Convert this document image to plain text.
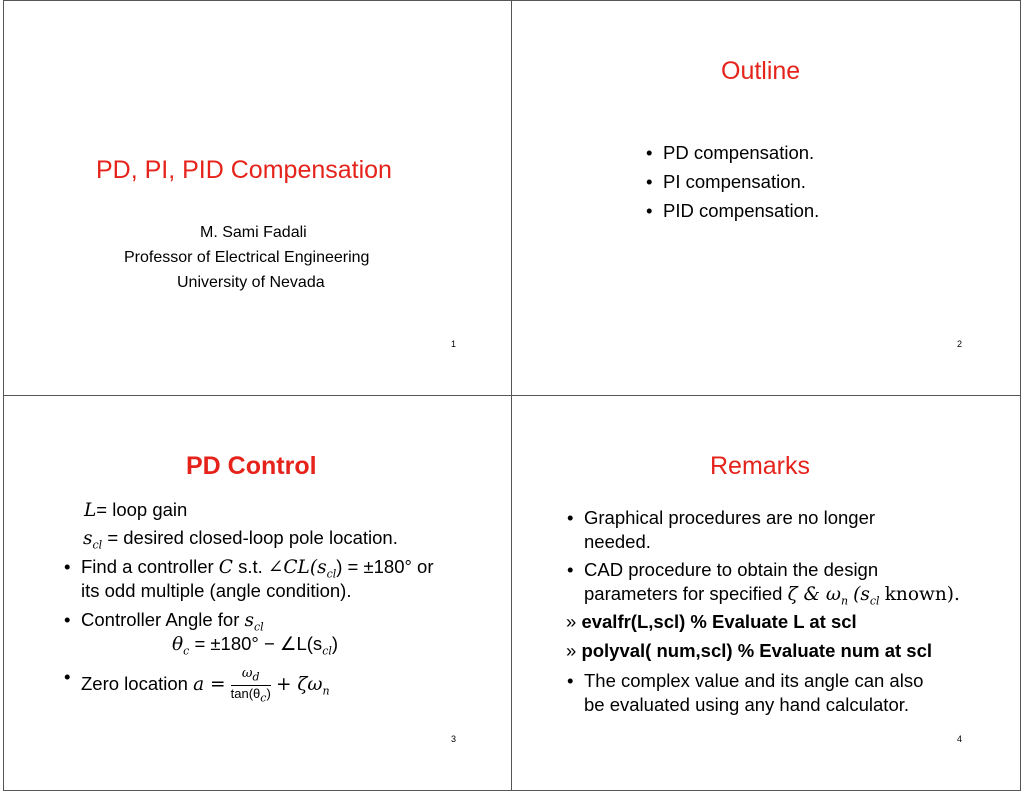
PD, PI, PID Compensation
M. Sami Fadali
Professor of Electrical Engineering
University of Nevada
1
Outline
• PD compensation.
• PI compensation.
• PID compensation.
2
PD Control
L= loop gain
$s_{cl}$ = desired closed-loop pole location.
• Find a controller C s.t. $\angle CL(s_{cl}) = \pm 180^\circ$ or
its odd multiple (angle condition).
• Controller Angle for $s_{cl}$
$\theta_c = \pm 180^\circ$ − $\angle L(s_{cl})$
• Zero location $a = \frac{\omega_d}{\tan(\theta_c)} + \zeta\omega_n$
3
Remarks
• Graphical procedures are no longer
needed.
• CAD procedure to obtain the design
parameters for specified ζ & $\omega_n$ ($s_{cl}$ known).
» evalfr(L,scl) % Evaluate L at scl
» polyval( num,scl) % Evaluate num at scl
• The complex value and its angle can also
be evaluated using any hand calculator.
4
